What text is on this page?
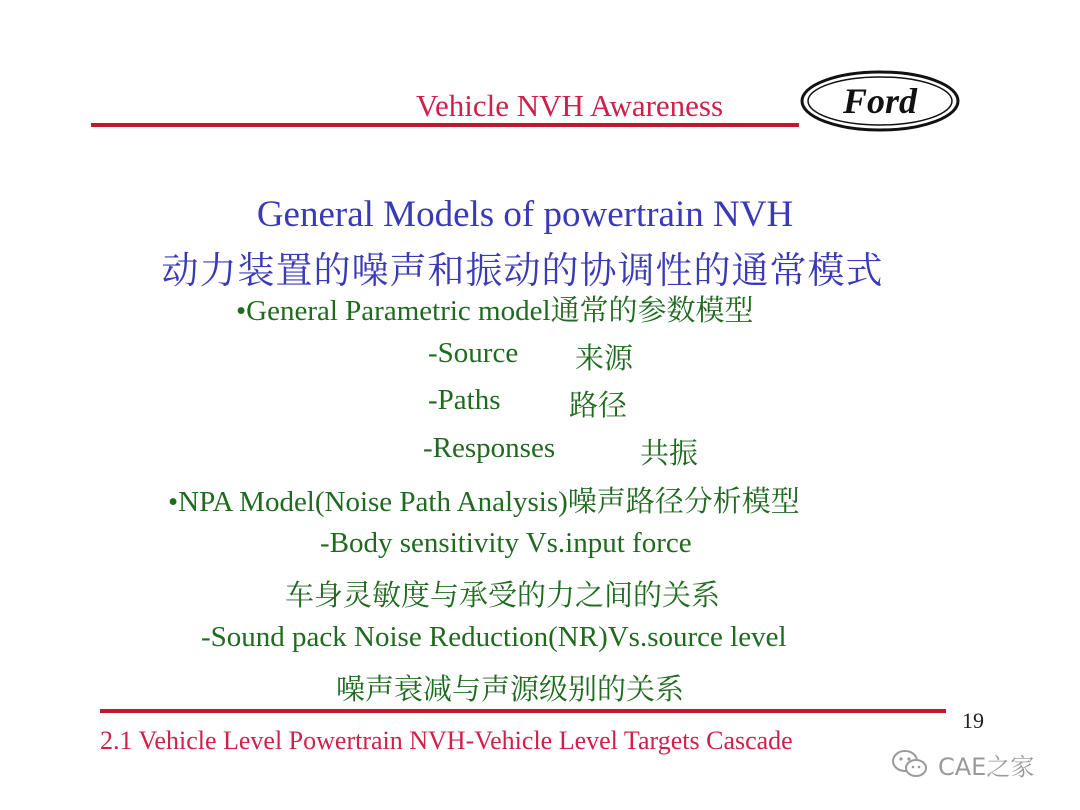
Vehicle NVH Awareness	Ford
General Models of powertrain NVH
动力装置的噪声和振动的协调性的通常模式
•General Parametric model通常的参数模型
-Source 来源
-Paths 路径
-Responses	共振
•NPA Model(Noise Path Analysis)噪声路径分析模型
-Body sensitivity Vs.input force
车身灵敏度与承受的力之间的关系
-Sound pack Noise Reduction(NR)Vs.source level
噪声衰减与声源级别的关系
19
2.1 Vehicle Level Powertrain NVH-Vehicle Level Targets Cascade
CAE之家
